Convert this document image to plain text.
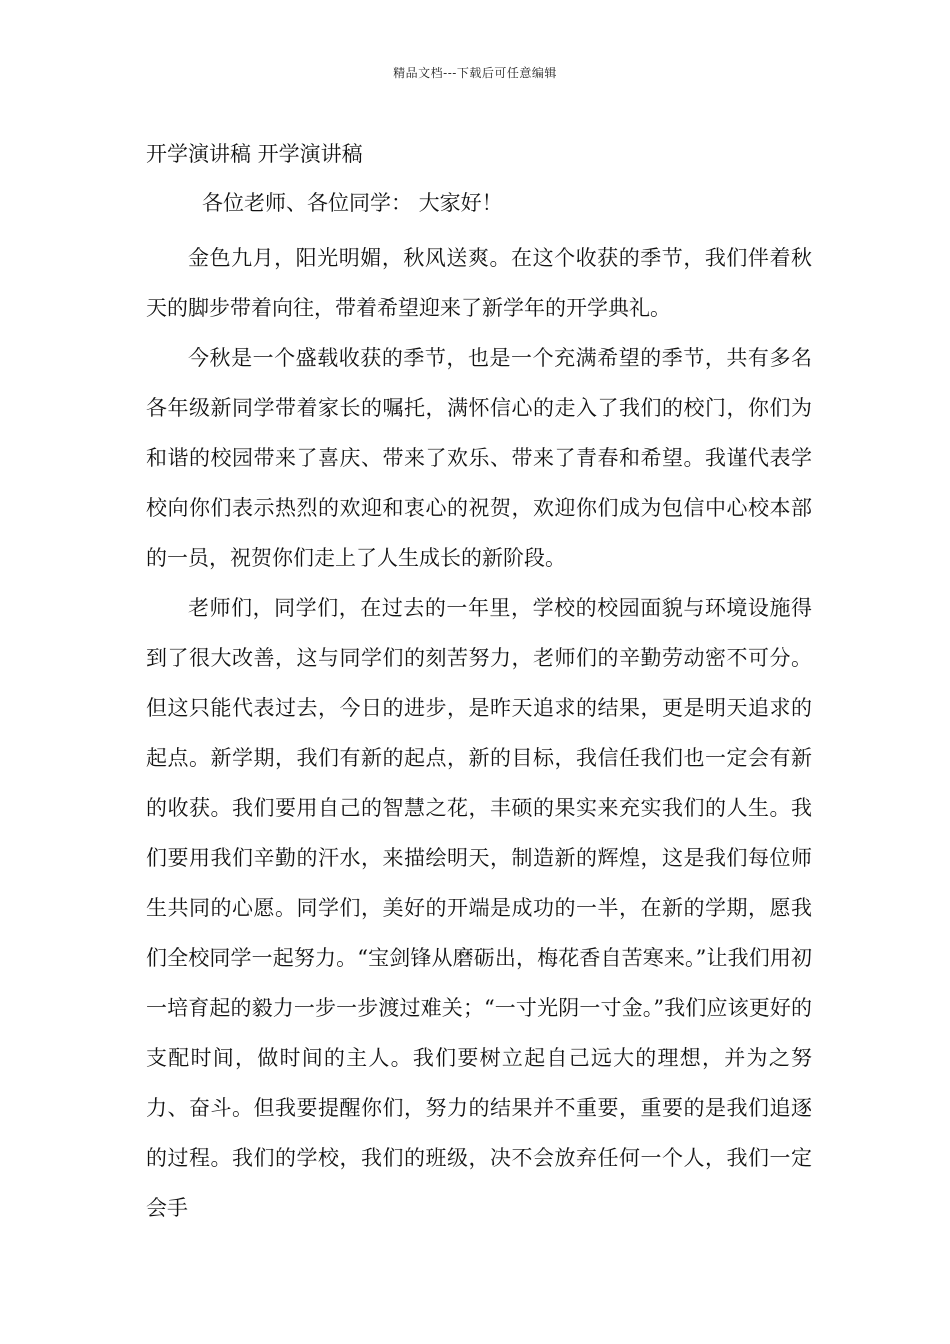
精品文档---下载后可任意编辑
开学演讲稿 开学演讲稿
各位老师、各位同学： 大家好！

金色九月，阳光明媚，秋风送爽。在这个收获的季节，我们伴着秋天的脚步带着向往，带着希望迎来了新学年的开学典礼。

今秋是一个盛载收获的季节，也是一个充满希望的季节，共有多名各年级新同学带着家长的嘱托，满怀信心的走入了我们的校门，你们为和谐的校园带来了喜庆、带来了欢乐、带来了青春和希望。我谨代表学校向你们表示热烈的欢迎和衷心的祝贺，欢迎你们成为包信中心校本部的一员，祝贺你们走上了人生成长的新阶段。

老师们，同学们，在过去的一年里，学校的校园面貌与环境设施得到了很大改善，这与同学们的刻苦努力，老师们的辛勤劳动密不可分。但这只能代表过去，今日的进步，是昨天追求的结果，更是明天追求的起点。新学期，我们有新的起点，新的目标，我信任我们也一定会有新的收获。我们要用自己的智慧之花，丰硕的果实来充实我们的人生。我们要用我们辛勤的汗水，来描绘明天，制造新的辉煌，这是我们每位师生共同的心愿。同学们，美好的开端是成功的一半，在新的学期，愿我们全校同学一起努力。“宝剑锋从磨砺出，梅花香自苦寒来。”让我们用初一培育起的毅力一步一步渡过难关；“一寸光阴一寸金。”我们应该更好的支配时间，做时间的主人。我们要树立起自己远大的理想，并为之努力、奋斗。但我要提醒你们，努力的结果并不重要，重要的是我们追逐的过程。我们的学校，我们的班级，决不会放弃任何一个人，我们一定会手
